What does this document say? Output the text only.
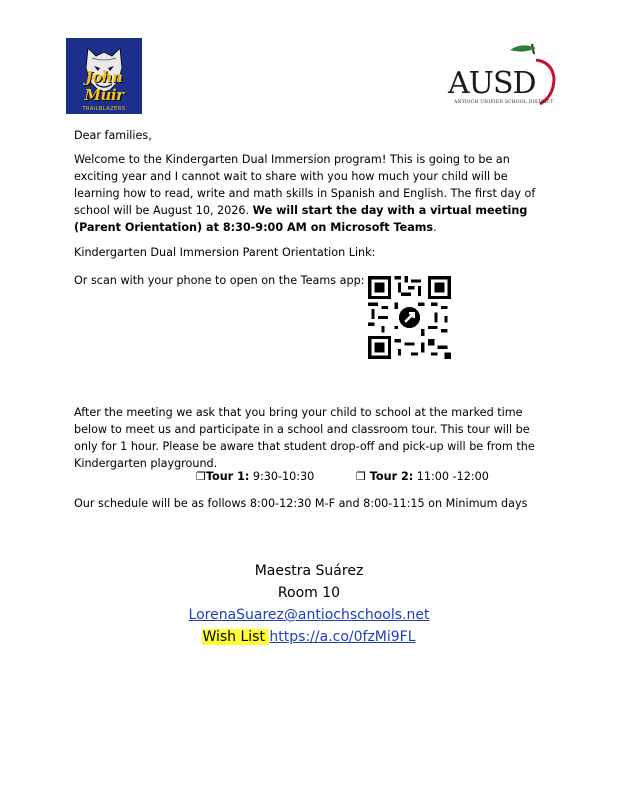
John Muir
TRAILBLAZERS
AUSD
ANTIOCH UNIFIED SCHOOL DISTRICT
Dear families,
Welcome to the Kindergarten Dual Immersion program! This is going to be an exciting year and I cannot wait to share with you how much your child will be learning how to read, write and math skills in Spanish and English. The first day of school will be August 10, 2026. We will start the day with a virtual meeting (Parent Orientation) at 8:30-9:00 AM on Microsoft Teams.
Kindergarten Dual Immersion Parent Orientation Link:
Or scan with your phone to open on the Teams app:
After the meeting we ask that you bring your child to school at the marked time below to meet us and participate in a school and classroom tour. This tour will be only for 1 hour. Please be aware that student drop-off and pick-up will be from the Kindergarten playground.
❒Tour 1: 9:30-10:30	❒ Tour 2: 11:00 -12:00
Our schedule will be as follows 8:00-12:30 M-F and 8:00-11:15 on Minimum days
Maestra Suárez
Room 10
LorenaSuarez@antiochschools.net
Wish List https://a.co/0fzMi9FL
